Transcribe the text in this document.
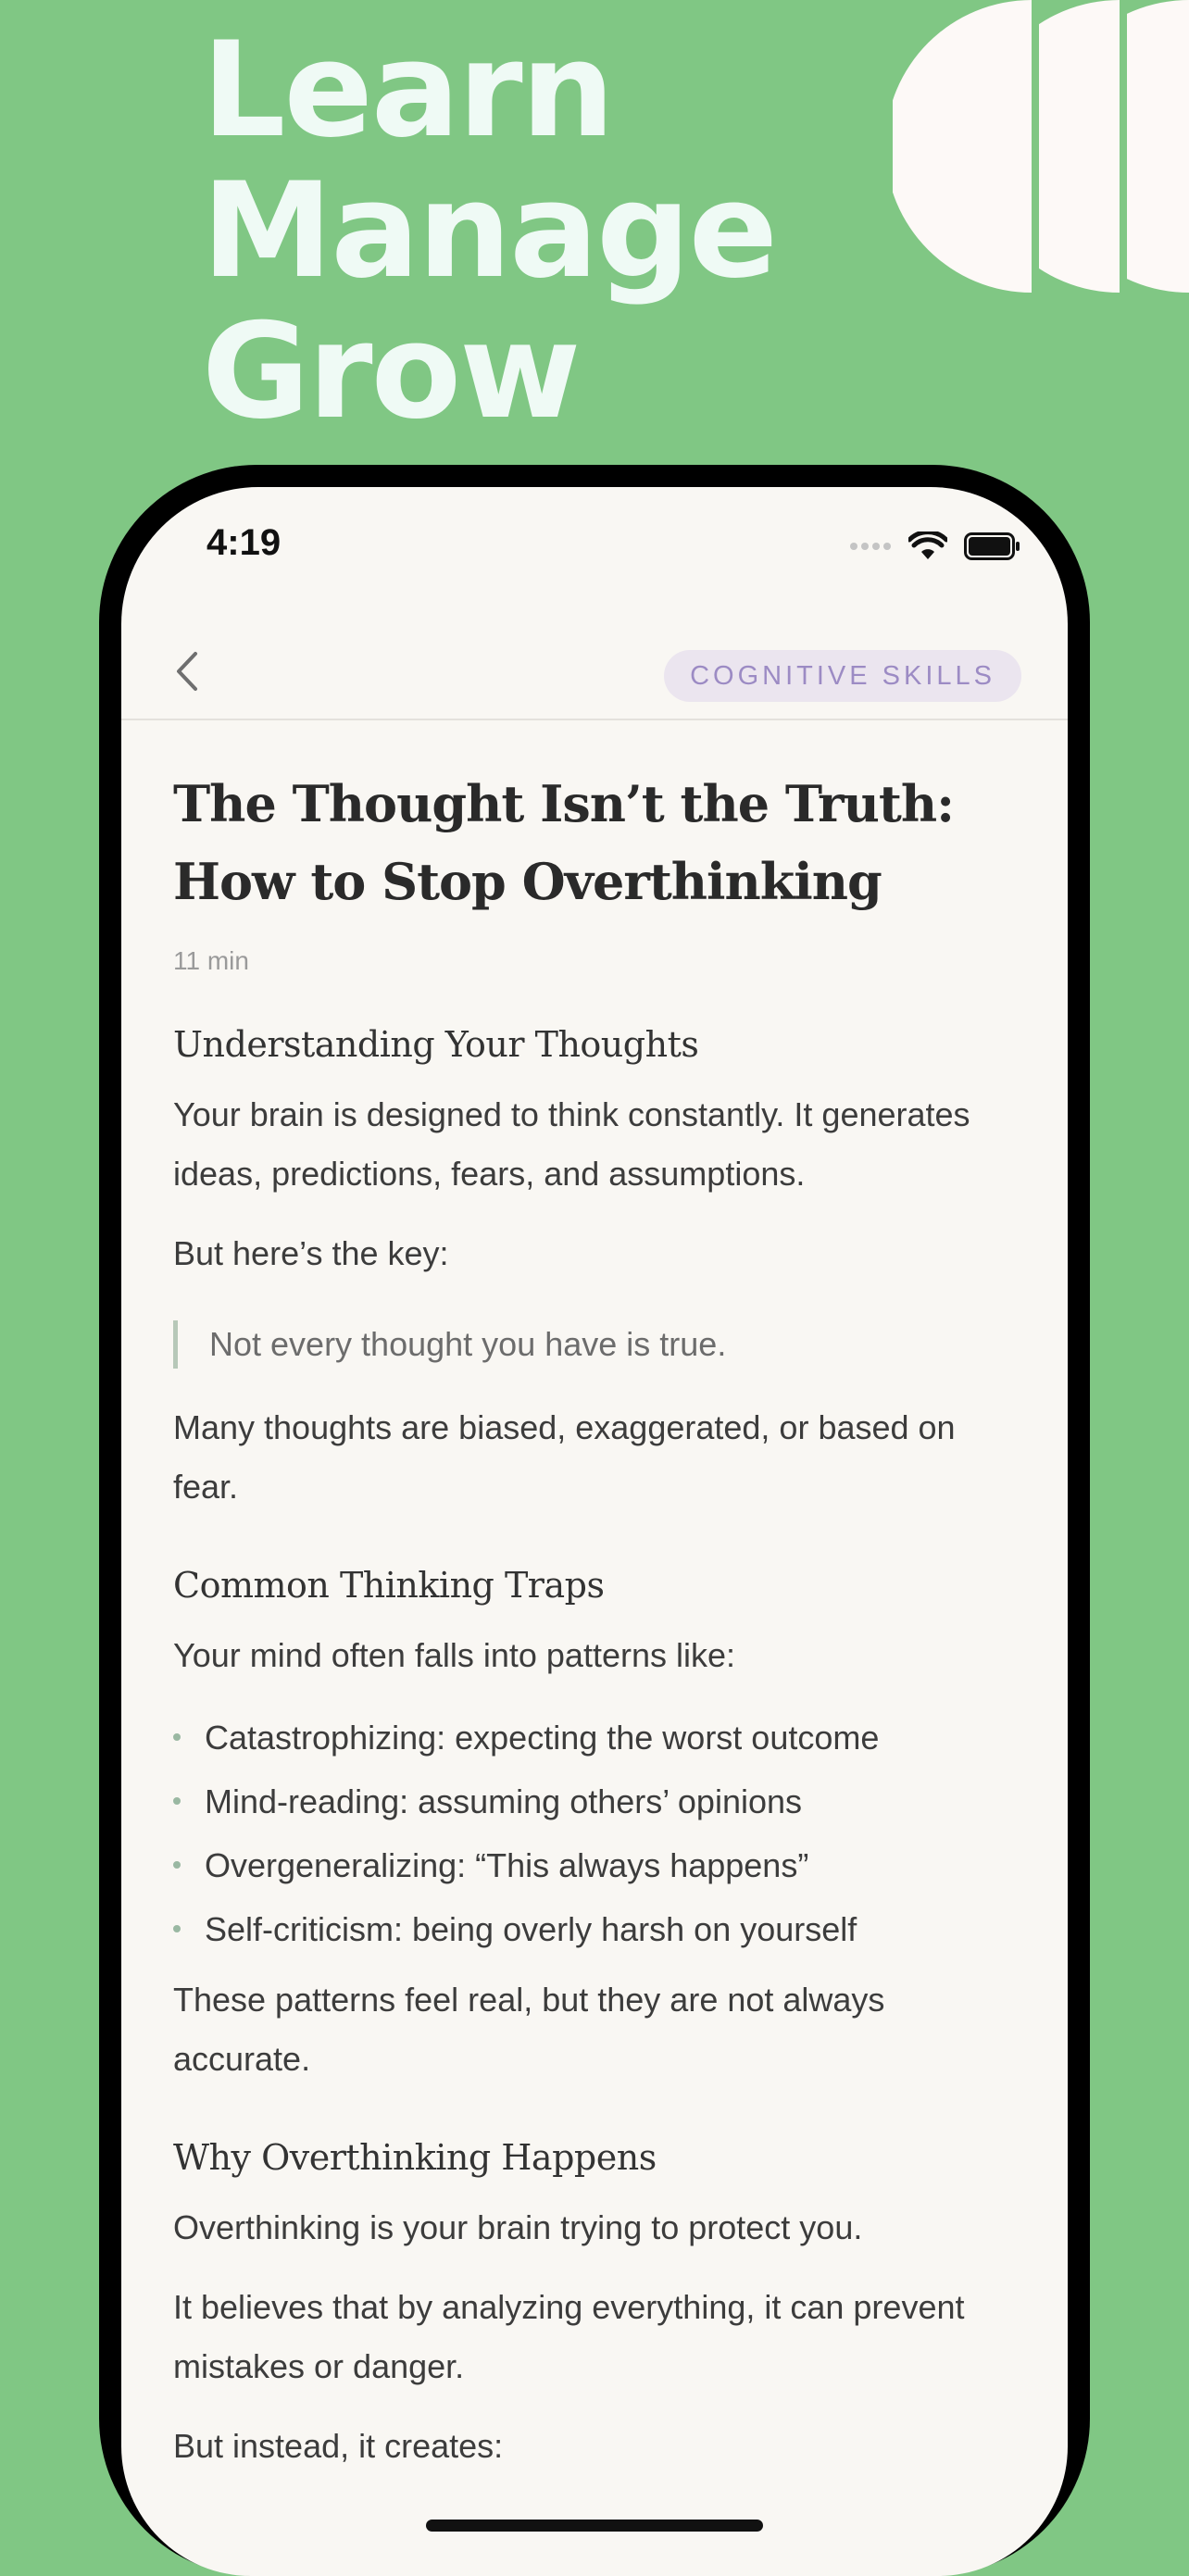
Learn
Manage
Grow
4:19
COGNITIVE SKILLS
The Thought Isn’t the Truth: How to Stop Overthinking
11 min
Understanding Your Thoughts
Your brain is designed to think constantly. It generates ideas, predictions, fears, and assumptions.
But here’s the key:
Not every thought you have is true.
Many thoughts are biased, exaggerated, or based on fear.
Common Thinking Traps
Your mind often falls into patterns like:
Catastrophizing: expecting the worst outcome
Mind-reading: assuming others’ opinions
Overgeneralizing: “This always happens”
Self-criticism: being overly harsh on yourself
These patterns feel real, but they are not always accurate.
Why Overthinking Happens
Overthinking is your brain trying to protect you.
It believes that by analyzing everything, it can prevent mistakes or danger.
But instead, it creates:
